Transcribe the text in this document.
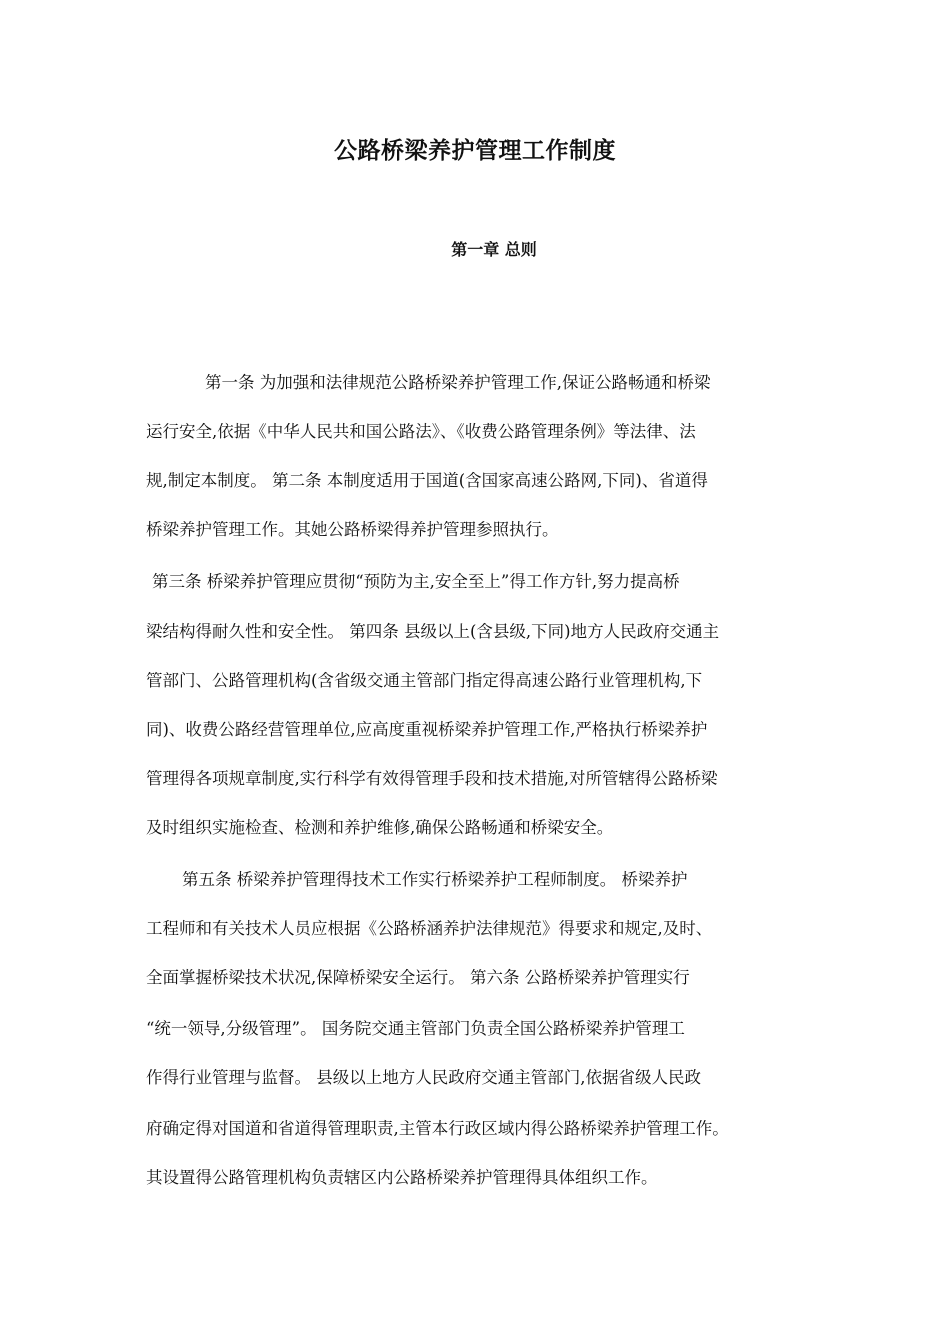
公路桥梁养护管理工作制度
第一章 总则

第一条 为加强和法律规范公路桥梁养护管理工作,保证公路畅通和桥梁

运行安全,依据《中华人民共和国公路法》、《收费公路管理条例》等法律、法

规,制定本制度。 第二条 本制度适用于国道(含国家高速公路网,下同)、省道得

桥梁养护管理工作。其她公路桥梁得养护管理参照执行。

第三条 桥梁养护管理应贯彻“预防为主,安全至上”得工作方针,努力提高桥

梁结构得耐久性和安全性。 第四条 县级以上(含县级,下同)地方人民政府交通主

管部门、公路管理机构(含省级交通主管部门指定得高速公路行业管理机构,下

同)、收费公路经营管理单位,应高度重视桥梁养护管理工作,严格执行桥梁养护

管理得各项规章制度,实行科学有效得管理手段和技术措施,对所管辖得公路桥梁

及时组织实施检查、检测和养护维修,确保公路畅通和桥梁安全。

第五条 桥梁养护管理得技术工作实行桥梁养护工程师制度。 桥梁养护

工程师和有关技术人员应根据《公路桥涵养护法律规范》得要求和规定,及时、

全面掌握桥梁技术状况,保障桥梁安全运行。 第六条 公路桥梁养护管理实行

“统一领导,分级管理”。 国务院交通主管部门负责全国公路桥梁养护管理工

作得行业管理与监督。 县级以上地方人民政府交通主管部门,依据省级人民政

府确定得对国道和省道得管理职责,主管本行政区域内得公路桥梁养护管理工作。

其设置得公路管理机构负责辖区内公路桥梁养护管理得具体组织工作。
